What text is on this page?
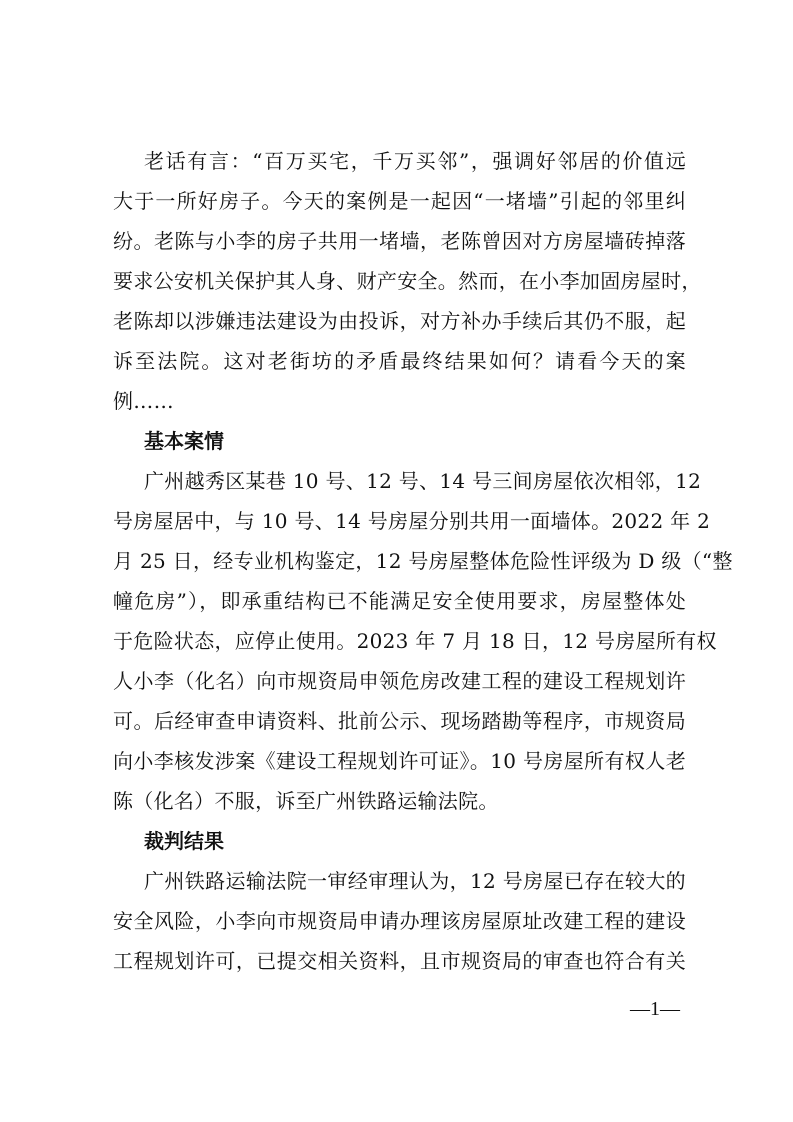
老话有言：“百万买宅，千万买邻”，强调好邻居的价值远
大于一所好房子。今天的案例是一起因“一堵墙”引起的邻里纠
纷。老陈与小李的房子共用一堵墙，老陈曾因对方房屋墙砖掉落
要求公安机关保护其人身、财产安全。然而，在小李加固房屋时，
老陈却以涉嫌违法建设为由投诉，对方补办手续后其仍不服，起
诉至法院。这对老街坊的矛盾最终结果如何？请看今天的案
例……
基本案情
广州越秀区某巷 10 号、12 号、14 号三间房屋依次相邻，12
号房屋居中，与 10 号、14 号房屋分别共用一面墙体。2022 年 2
月 25 日，经专业机构鉴定，12 号房屋整体危险性评级为 D 级（“整
幢危房”），即承重结构已不能满足安全使用要求，房屋整体处
于危险状态，应停止使用。2023 年 7 月 18 日，12 号房屋所有权
人小李（化名）向市规资局申领危房改建工程的建设工程规划许
可。后经审查申请资料、批前公示、现场踏勘等程序，市规资局
向小李核发涉案《建设工程规划许可证》。10 号房屋所有权人老
陈（化名）不服，诉至广州铁路运输法院。
裁判结果
广州铁路运输法院一审经审理认为，12 号房屋已存在较大的
安全风险，小李向市规资局申请办理该房屋原址改建工程的建设
工程规划许可，已提交相关资料，且市规资局的审查也符合有关
—1—
